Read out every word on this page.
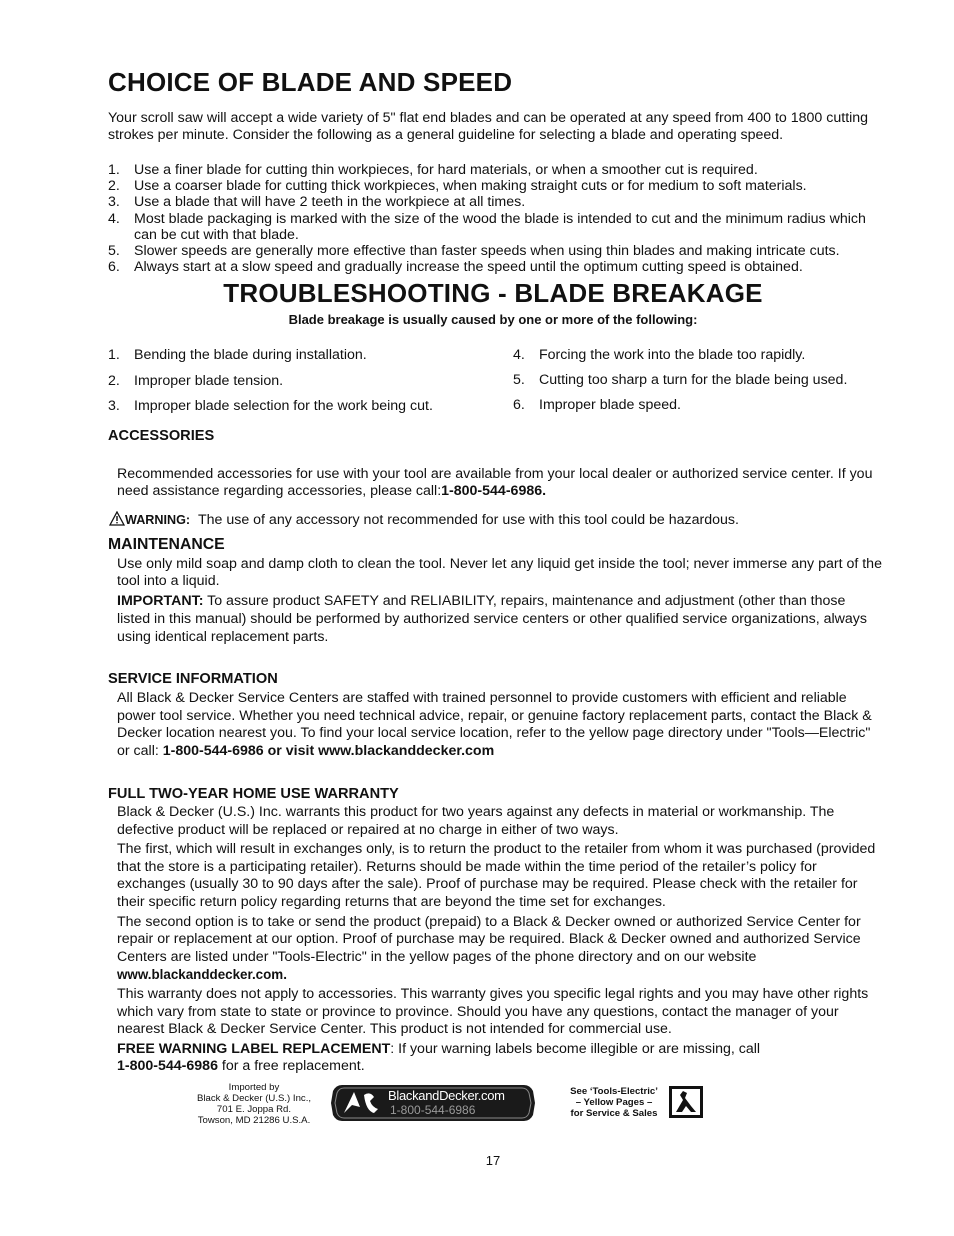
CHOICE OF BLADE AND SPEED

Your scroll saw will accept a wide variety of 5" flat end blades and can be operated at any speed from 400 to 1800 cutting strokes per minute. Consider the following as a general guideline for selecting a blade and operating speed.

1. Use a finer blade for cutting thin workpieces, for hard materials, or when a smoother cut is required.
2. Use a coarser blade for cutting thick workpieces, when making straight cuts or for medium to soft materials.
3. Use a blade that will have 2 teeth in the workpiece at all times.
4. Most blade packaging is marked with the size of the wood the blade is intended to cut and the minimum radius which can be cut with that blade.
5. Slower speeds are generally more effective than faster speeds when using thin blades and making intricate cuts.
6. Always start at a slow speed and gradually increase the speed until the optimum cutting speed is obtained.
TROUBLESHOOTING - BLADE BREAKAGE
Blade breakage is usually caused by one or more of the following:
1. Bending the blade during installation.
2. Improper blade tension.
3. Improper blade selection for the work being cut.
4. Forcing the work into the blade too rapidly.
5. Cutting too sharp a turn for the blade being used.
6. Improper blade speed.
ACCESSORIES

Recommended accessories for use with your tool are available from your local dealer or authorized service center. If you need assistance regarding accessories, please call:1-800-544-6986.

WARNING: The use of any accessory not recommended for use with this tool could be hazardous.
MAINTENANCE

Use only mild soap and damp cloth to clean the tool. Never let any liquid get inside the tool; never immerse any part of the tool into a liquid.

IMPORTANT: To assure product SAFETY and RELIABILITY, repairs, maintenance and adjustment (other than those listed in this manual) should be performed by authorized service centers or other qualified service organizations, always using identical replacement parts.

SERVICE INFORMATION

All Black & Decker Service Centers are staffed with trained personnel to provide customers with efficient and reliable power tool service. Whether you need technical advice, repair, or genuine factory replacement parts, contact the Black & Decker location nearest you. To find your local service location, refer to the yellow page directory under "Tools—Electric" or call: 1-800-544-6986 or visit www.blackanddecker.com

FULL TWO-YEAR HOME USE WARRANTY

Black & Decker (U.S.) Inc. warrants this product for two years against any defects in material or workmanship. The defective product will be replaced or repaired at no charge in either of two ways.

The first, which will result in exchanges only, is to return the product to the retailer from whom it was purchased (provided that the store is a participating retailer). Returns should be made within the time period of the retailer’s policy for exchanges (usually 30 to 90 days after the sale). Proof of purchase may be required. Please check with the retailer for their specific return policy regarding returns that are beyond the time set for exchanges.

The second option is to take or send the product (prepaid) to a Black & Decker owned or authorized Service Center for repair or replacement at our option. Proof of purchase may be required. Black & Decker owned and authorized Service Centers are listed under "Tools-Electric" in the yellow pages of the phone directory and on our website

www.blackanddecker.com.

This warranty does not apply to accessories. This warranty gives you specific legal rights and you may have other rights which vary from state to state or province to province. Should you have any questions, contact the manager of your nearest Black & Decker Service Center. This product is not intended for commercial use.

FREE WARNING LABEL REPLACEMENT: If your warning labels become illegible or are missing, call

1-800-544-6986 for a free replacement.

Imported by
Black & Decker (U.S.) Inc.,
701 E. Joppa Rd.
Towson, MD 21286 U.S.A.
BlackandDecker.com
1-800-544-6986
See ‘Tools-Electric’
– Yellow Pages –
for Service & Sales
17
